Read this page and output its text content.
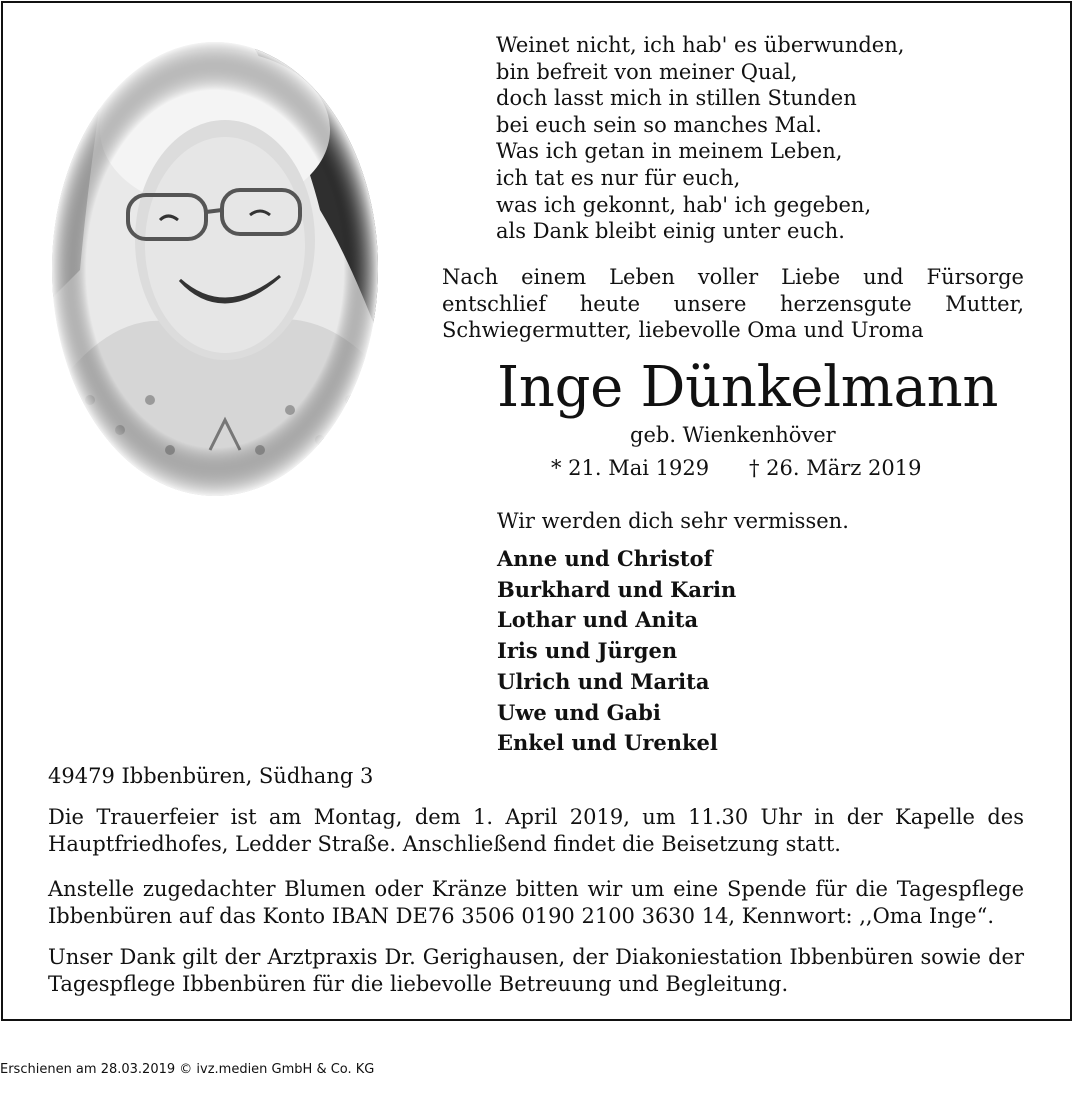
Weinet nicht, ich hab' es überwunden,
bin befreit von meiner Qual,
doch lasst mich in stillen Stunden
bei euch sein so manches Mal.
Was ich getan in meinem Leben,
ich tat es nur für euch,
was ich gekonnt, hab' ich gegeben,
als Dank bleibt einig unter euch.
Nach einem Leben voller Liebe und Fürsorge entschlief heute unsere herzensgute Mutter, Schwiegermutter, liebevolle Oma und Uroma
Inge Dünkelmann
geb. Wienkenhöver
* 21. Mai 1929 † 26. März 2019
Wir werden dich sehr vermissen.
Anne und Christof
Burkhard und Karin
Lothar und Anita
Iris und Jürgen
Ulrich und Marita
Uwe und Gabi
Enkel und Urenkel
49479 Ibbenbüren, Südhang 3
Die Trauerfeier ist am Montag, dem 1. April 2019, um 11.30 Uhr in der Kapelle des Hauptfriedhofes, Ledder Straße. Anschließend findet die Beisetzung statt.
Anstelle zugedachter Blumen oder Kränze bitten wir um eine Spende für die Tagespflege Ibbenbüren auf das Konto IBAN DE76 3506 0190 2100 3630 14, Kennwort: ,,Oma Inge“.
Unser Dank gilt der Arztpraxis Dr. Gerighausen, der Diakoniestation Ibbenbüren sowie der Tagespflege Ibbenbüren für die liebevolle Betreuung und Begleitung.
Erschienen am 28.03.2019 © ivz.medien GmbH & Co. KG
